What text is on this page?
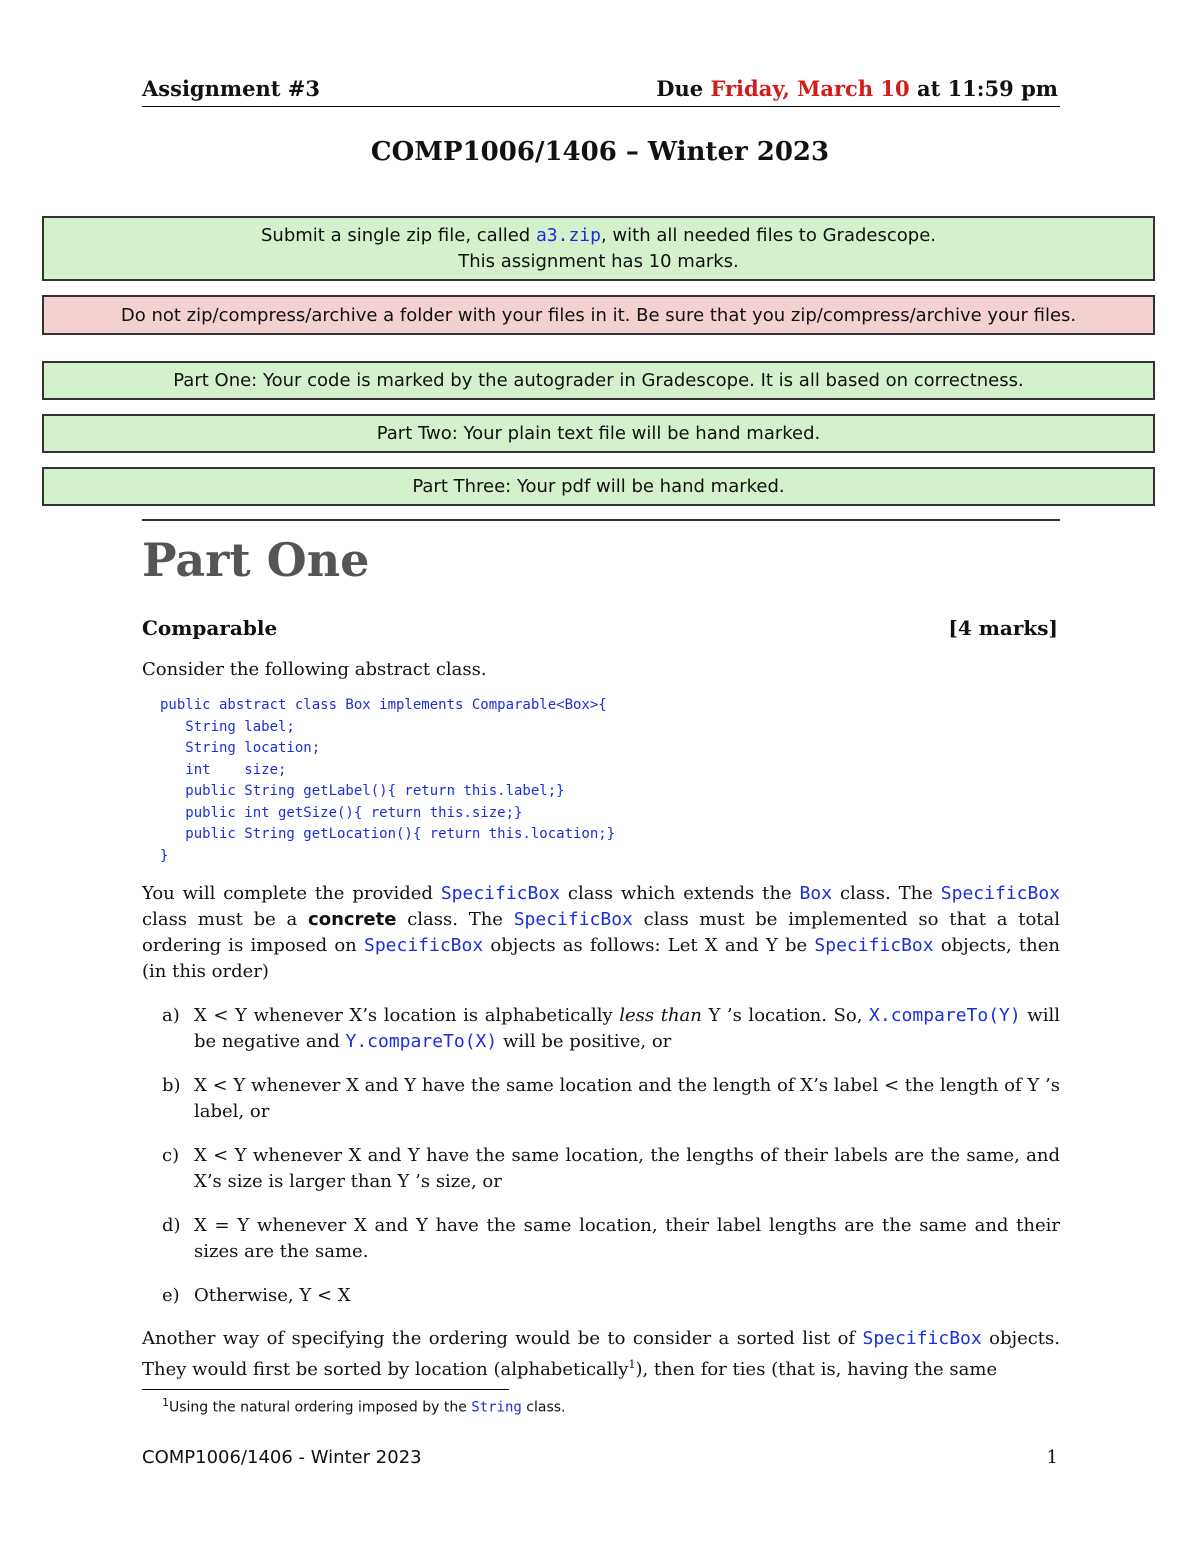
Assignment #3	Due Friday, March 10 at 11:59 pm
COMP1006/1406 – Winter 2023
Submit a single zip file, called a3.zip, with all needed files to Gradescope.
This assignment has 10 marks.
Do not zip/compress/archive a folder with your files in it. Be sure that you zip/compress/archive your files.
Part One: Your code is marked by the autograder in Gradescope. It is all based on correctness.
Part Two: Your plain text file will be hand marked.
Part Three: Your pdf will be hand marked.
Part One
Comparable	[4 marks]
Consider the following abstract class.
public abstract class Box implements Comparable<Box>{
String label;
String location;
int    size;
public String getLabel(){ return this.label;}
public int getSize(){ return this.size;}
public String getLocation(){ return this.location;}
}
You will complete the provided SpecificBox class which extends the Box class. The SpecificBox class must be a concrete class. The SpecificBox class must be implemented so that a total ordering is imposed on SpecificBox objects as follows: Let X and Y be SpecificBox objects, then (in this order)
a) X < Y whenever X’s location is alphabetically less than Y ’s location. So, X.compareTo(Y) will be negative and Y.compareTo(X) will be positive, or
b) X < Y whenever X and Y have the same location and the length of X’s label < the length of Y ’s label, or
c) X < Y whenever X and Y have the same location, the lengths of their labels are the same, and X’s size is larger than Y ’s size, or
d) X = Y whenever X and Y have the same location, their label lengths are the same and their sizes are the same.
e) Otherwise, Y < X
Another way of specifying the ordering would be to consider a sorted list of SpecificBox objects. They would first be sorted by location (alphabetically$^1$), then for ties (that is, having the same
$^1$Using the natural ordering imposed by the String class.
COMP1006/1406 - Winter 2023	1
